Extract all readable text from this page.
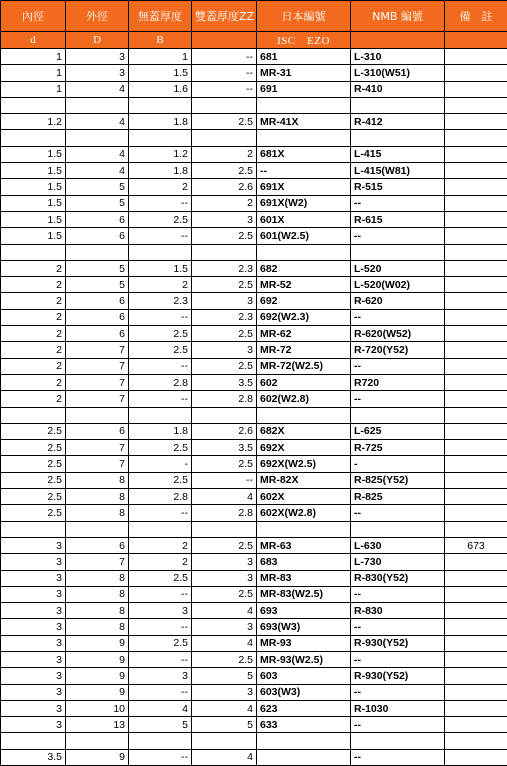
內徑	外徑	無蓋厚度	雙蓋厚度ZZ	日本編號	NMB 編號	備　註
d	D	B		ISC　EZO		
1	3	1	--	681	L-310	
1	3	1.5	--	MR-31	L-310(W51)	
1	4	1.6	--	691	R-410	

1.2	4	1.8	2.5	MR-41X	R-412	

1.5	4	1.2	2	681X	L-415	
1.5	4	1.8	2.5	--	L-415(W81)	
1.5	5	2	2.6	691X	R-515	
1.5	5	--	2	691X(W2)	--	
1.5	6	2.5	3	601X	R-615	
1.5	6	--	2.5	601(W2.5)	--	

2	5	1.5	2.3	682	L-520	
2	5	2	2.5	MR-52	L-520(W02)	
2	6	2.3	3	692	R-620	
2	6	--	2.3	692(W2.3)	--	
2	6	2.5	2.5	MR-62	R-620(W52)	
2	7	2.5	3	MR-72	R-720(Y52)	
2	7	--	2.5	MR-72(W2.5)	--	
2	7	2.8	3.5	602	R720	
2	7	--	2.8	602(W2.8)	--	

2.5	6	1.8	2.6	682X	L-625	
2.5	7	2.5	3.5	692X	R-725	
2.5	7	-	2.5	692X(W2.5)	-	
2.5	8	2.5	--	MR-82X	R-825(Y52)	
2.5	8	2.8	4	602X	R-825	
2.5	8	--	2.8	602X(W2.8)	--	

3	6	2	2.5	MR-63	L-630	673
3	7	2	3	683	L-730	
3	8	2.5	3	MR-83	R-830(Y52)	
3	8	--	2.5	MR-83(W2.5)	--	
3	8	3	4	693	R-830	
3	8	--	3	693(W3)	--	
3	9	2.5	4	MR-93	R-930(Y52)	
3	9	--	2.5	MR-93(W2.5)	--	
3	9	3	5	603	R-930(Y52)	
3	9	--	3	603(W3)	--	
3	10	4	4	623	R-1030	
3	13	5	5	633	--	

3.5	9	--	4		--	
